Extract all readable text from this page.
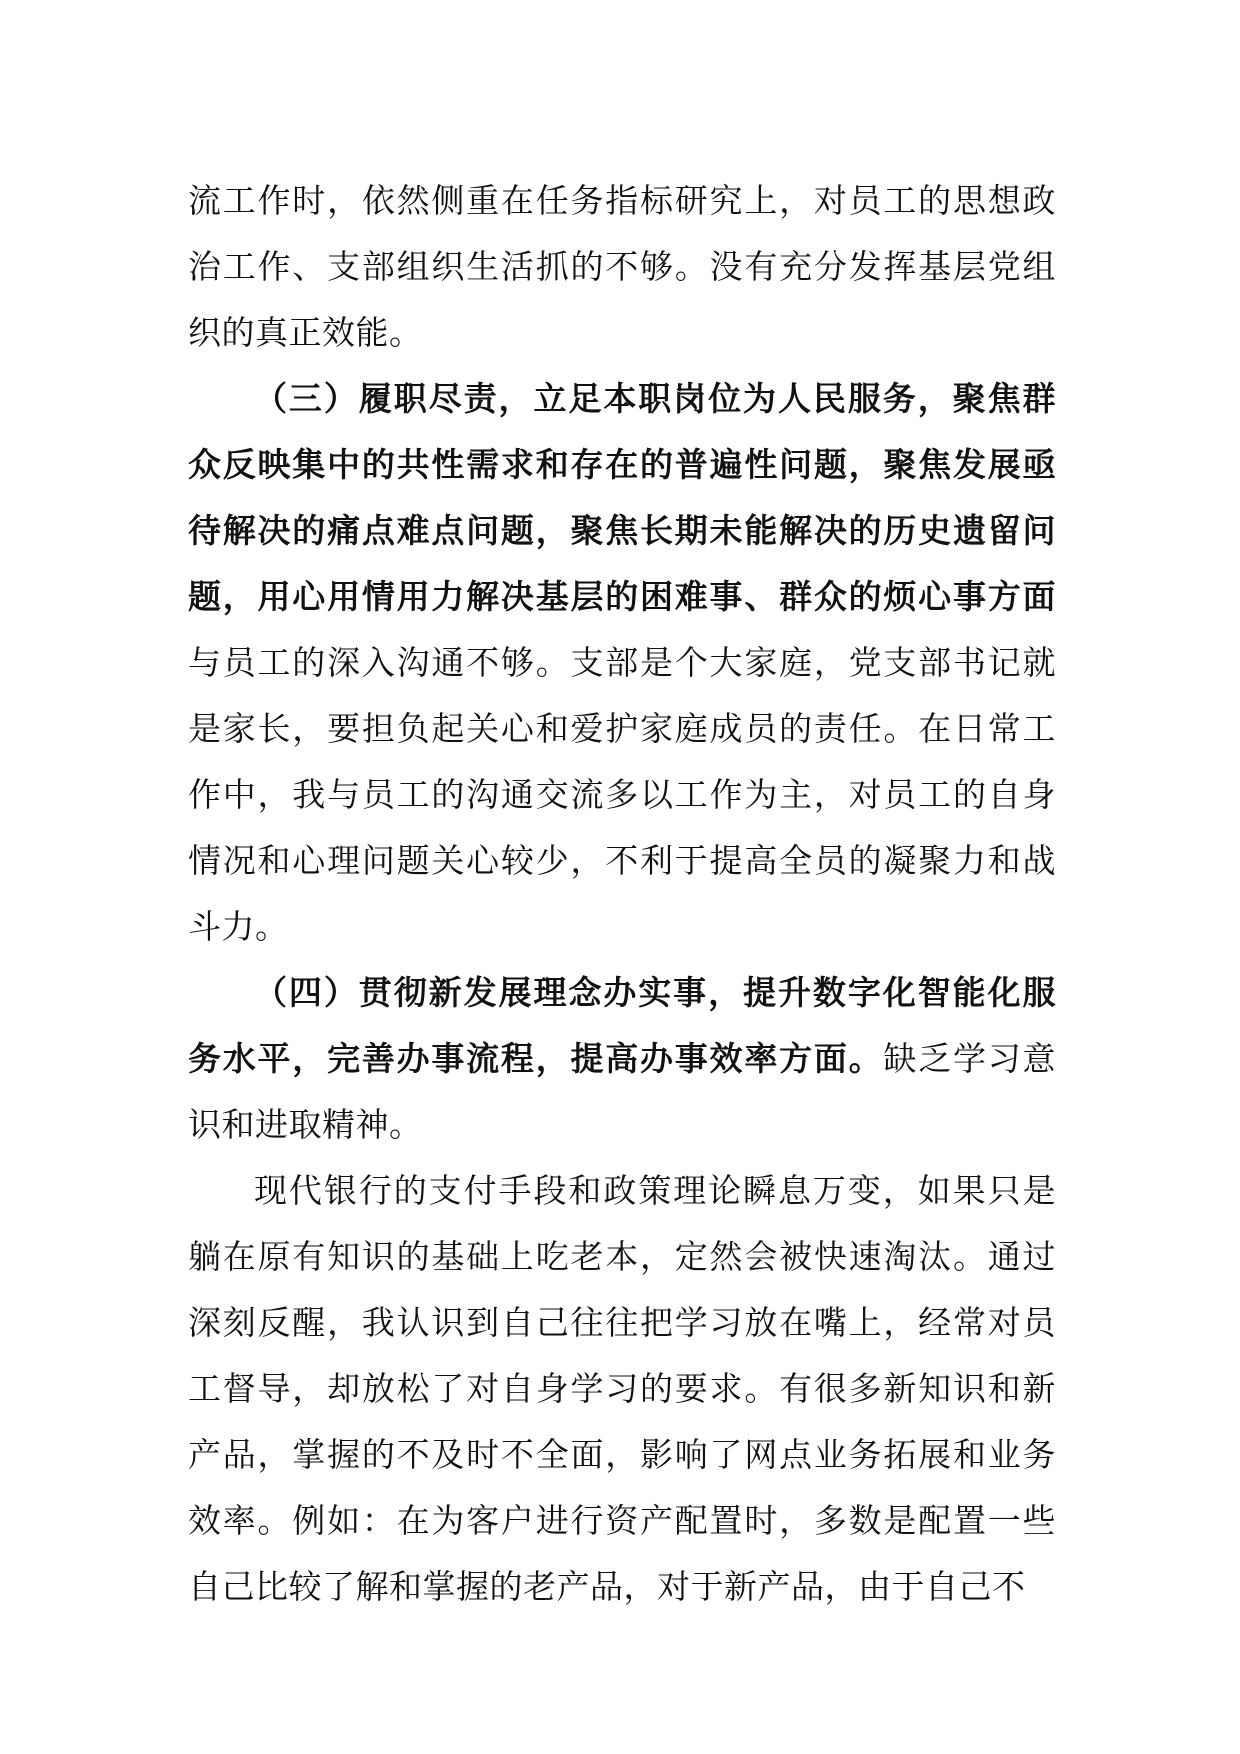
流工作时，依然侧重在任务指标研究上，对员工的思想政治工作、支部组织生活抓的不够。没有充分发挥基层党组织的真正效能。

（三）履职尽责，立足本职岗位为人民服务，聚焦群众反映集中的共性需求和存在的普遍性问题，聚焦发展亟待解决的痛点难点问题，聚焦长期未能解决的历史遗留问题，用心用情用力解决基层的困难事、群众的烦心事方面与员工的深入沟通不够。支部是个大家庭，党支部书记就是家长，要担负起关心和爱护家庭成员的责任。在日常工作中，我与员工的沟通交流多以工作为主，对员工的自身情况和心理问题关心较少，不利于提高全员的凝聚力和战斗力。

（四）贯彻新发展理念办实事，提升数字化智能化服务水平，完善办事流程，提高办事效率方面。缺乏学习意识和进取精神。

现代银行的支付手段和政策理论瞬息万变，如果只是躺在原有知识的基础上吃老本，定然会被快速淘汰。通过深刻反醒，我认识到自己往往把学习放在嘴上，经常对员工督导，却放松了对自身学习的要求。有很多新知识和新产品，掌握的不及时不全面，影响了网点业务拓展和业务效率。例如：在为客户进行资产配置时，多数是配置一些自己比较了解和掌握的老产品，对于新产品，由于自己不
